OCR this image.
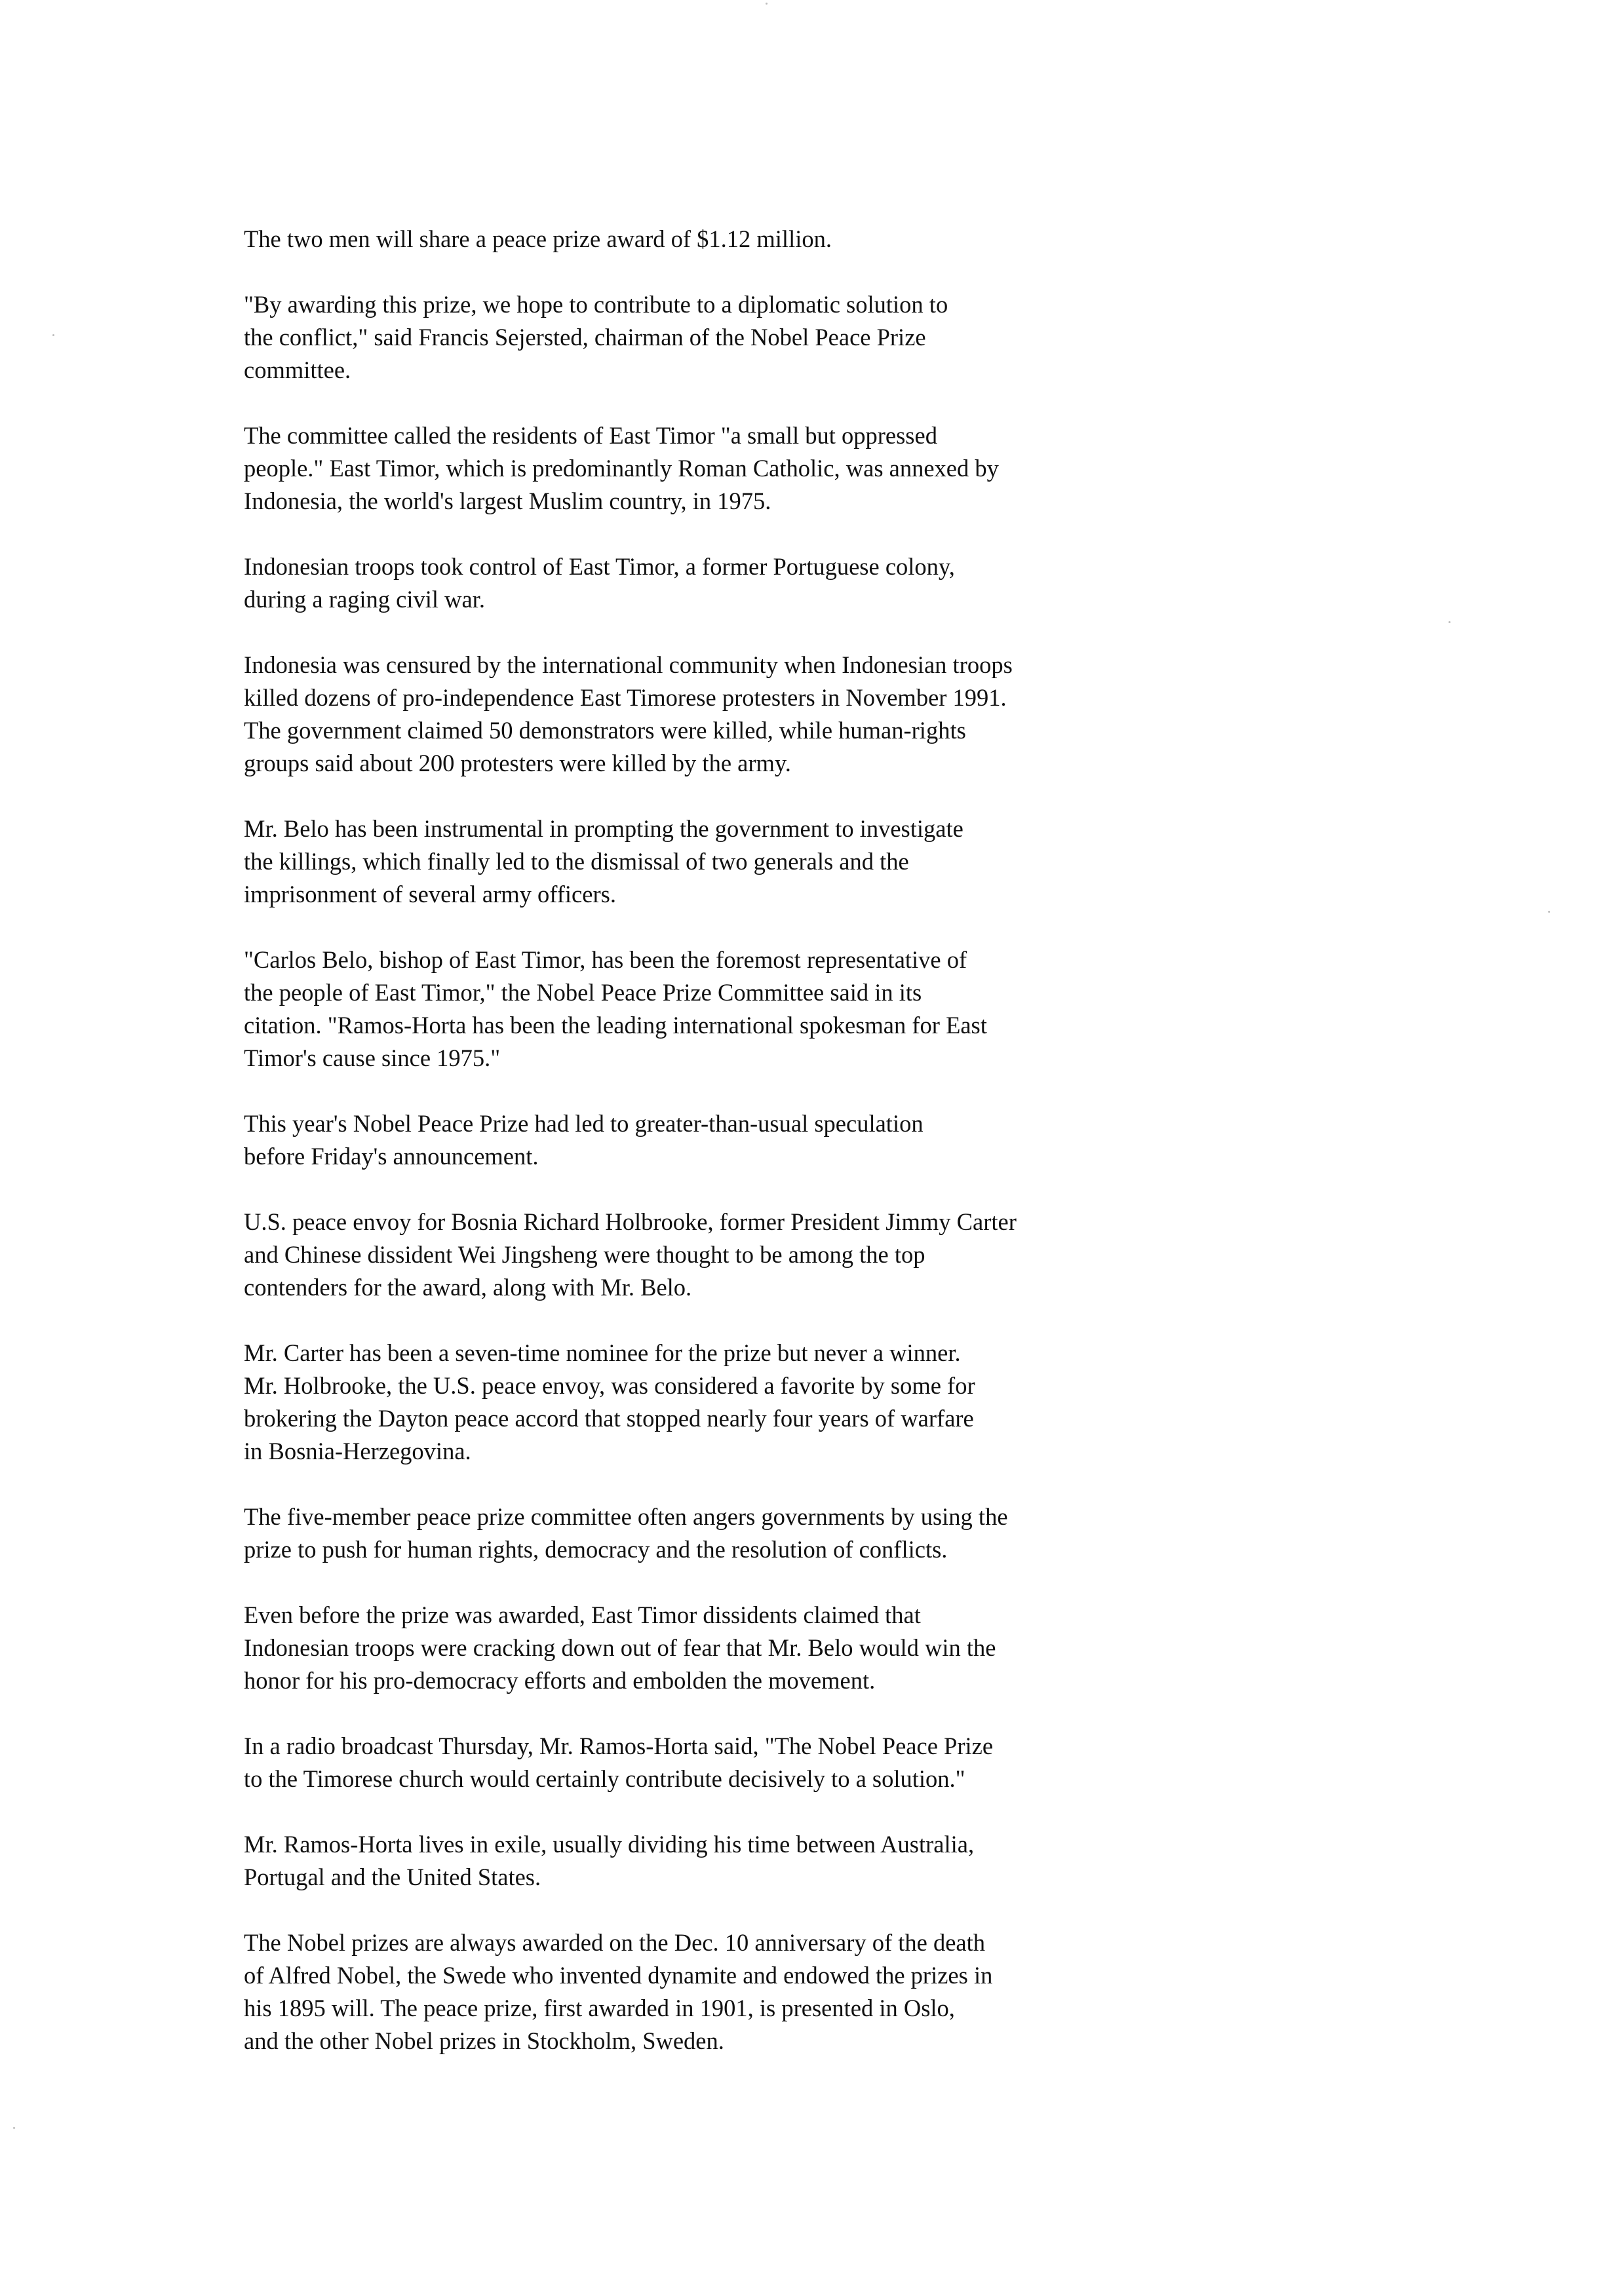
The two men will share a peace prize award of $1.12 million.

"By awarding this prize, we hope to contribute to a diplomatic solution to
the conflict," said Francis Sejersted, chairman of the Nobel Peace Prize
committee.

The committee called the residents of East Timor "a small but oppressed
people." East Timor, which is predominantly Roman Catholic, was annexed by
Indonesia, the world's largest Muslim country, in 1975.

Indonesian troops took control of East Timor, a former Portuguese colony,
during a raging civil war.

Indonesia was censured by the international community when Indonesian troops
killed dozens of pro-independence East Timorese protesters in November 1991.
The government claimed 50 demonstrators were killed, while human-rights
groups said about 200 protesters were killed by the army.

Mr. Belo has been instrumental in prompting the government to investigate
the killings, which finally led to the dismissal of two generals and the
imprisonment of several army officers.

"Carlos Belo, bishop of East Timor, has been the foremost representative of
the people of East Timor," the Nobel Peace Prize Committee said in its
citation. "Ramos-Horta has been the leading international spokesman for East
Timor's cause since 1975."

This year's Nobel Peace Prize had led to greater-than-usual speculation
before Friday's announcement.

U.S. peace envoy for Bosnia Richard Holbrooke, former President Jimmy Carter
and Chinese dissident Wei Jingsheng were thought to be among the top
contenders for the award, along with Mr. Belo.

Mr. Carter has been a seven-time nominee for the prize but never a winner.
Mr. Holbrooke, the U.S. peace envoy, was considered a favorite by some for
brokering the Dayton peace accord that stopped nearly four years of warfare
in Bosnia-Herzegovina.

The five-member peace prize committee often angers governments by using the
prize to push for human rights, democracy and the resolution of conflicts.

Even before the prize was awarded, East Timor dissidents claimed that
Indonesian troops were cracking down out of fear that Mr. Belo would win the
honor for his pro-democracy efforts and embolden the movement.

In a radio broadcast Thursday, Mr. Ramos-Horta said, "The Nobel Peace Prize
to the Timorese church would certainly contribute decisively to a solution."

Mr. Ramos-Horta lives in exile, usually dividing his time between Australia,
Portugal and the United States.

The Nobel prizes are always awarded on the Dec. 10 anniversary of the death
of Alfred Nobel, the Swede who invented dynamite and endowed the prizes in
his 1895 will. The peace prize, first awarded in 1901, is presented in Oslo,
and the other Nobel prizes in Stockholm, Sweden.
